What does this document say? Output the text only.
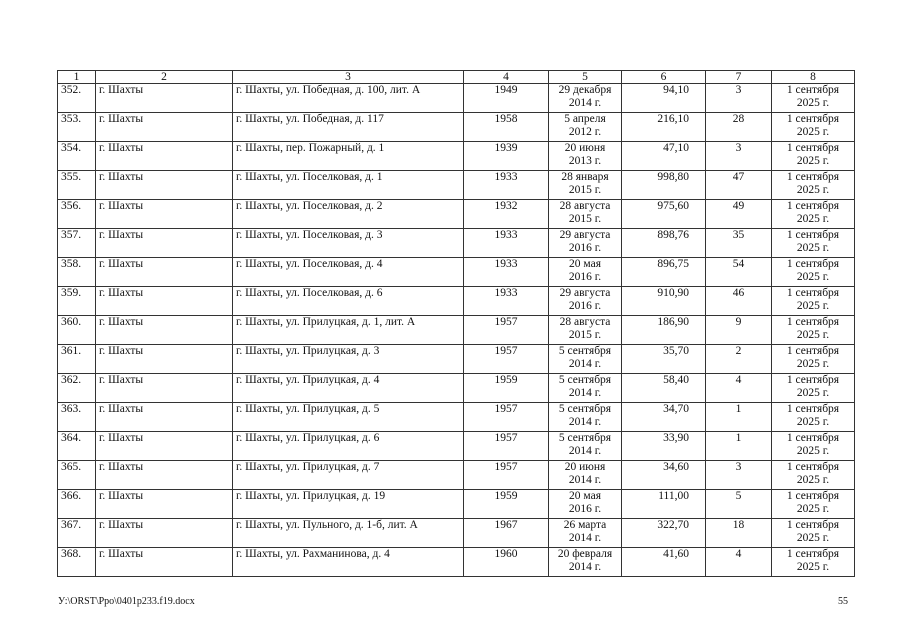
1	2	3	4	5	6	7	8
352.	г. Шахты	г. Шахты, ул. Победная, д. 100, лит. А	1949	29 декабря
2014 г.	94,10	3	1 сентября
2025 г.

353.	г. Шахты	г. Шахты, ул. Победная, д. 117	1958	5 апреля
2012 г.	216,10	28	1 сентября
2025 г.

354.	г. Шахты	г. Шахты, пер. Пожарный, д. 1	1939	20 июня
2013 г.	47,10	3	1 сентября
2025 г.

355.	г. Шахты	г. Шахты, ул. Поселковая, д. 1	1933	28 января
2015 г.	998,80	47	1 сентября
2025 г.

356.	г. Шахты	г. Шахты, ул. Поселковая, д. 2	1932	28 августа
2015 г.	975,60	49	1 сентября
2025 г.

357.	г. Шахты	г. Шахты, ул. Поселковая, д. 3	1933	29 августа
2016 г.	898,76	35	1 сентября
2025 г.

358.	г. Шахты	г. Шахты, ул. Поселковая, д. 4	1933	20 мая
2016 г.	896,75	54	1 сентября
2025 г.

359.	г. Шахты	г. Шахты, ул. Поселковая, д. 6	1933	29 августа
2016 г.	910,90	46	1 сентября
2025 г.

360.	г. Шахты	г. Шахты, ул. Прилуцкая, д. 1, лит. А	1957	28 августа
2015 г.	186,90	9	1 сентября
2025 г.

361.	г. Шахты	г. Шахты, ул. Прилуцкая, д. 3	1957	5 сентября
2014 г.	35,70	2	1 сентября
2025 г.

362.	г. Шахты	г. Шахты, ул. Прилуцкая, д. 4	1959	5 сентября
2014 г.	58,40	4	1 сентября
2025 г.

363.	г. Шахты	г. Шахты, ул. Прилуцкая, д. 5	1957	5 сентября
2014 г.	34,70	1	1 сентября
2025 г.

364.	г. Шахты	г. Шахты, ул. Прилуцкая, д. 6	1957	5 сентября
2014 г.	33,90	1	1 сентября
2025 г.

365.	г. Шахты	г. Шахты, ул. Прилуцкая, д. 7	1957	20 июня
2014 г.	34,60	3	1 сентября
2025 г.

366.	г. Шахты	г. Шахты, ул. Прилуцкая, д. 19	1959	20 мая
2016 г.	111,00	5	1 сентября
2025 г.

367.	г. Шахты	г. Шахты, ул. Пульного, д. 1-б, лит. А	1967	26 марта
2014 г.	322,70	18	1 сентября
2025 г.

368.	г. Шахты	г. Шахты, ул. Рахманинова, д. 4	1960	20 февраля
2014 г.	41,60	4	1 сентября
2025 г.
У:\ORST\Ppo\0401p233.f19.docx	55
